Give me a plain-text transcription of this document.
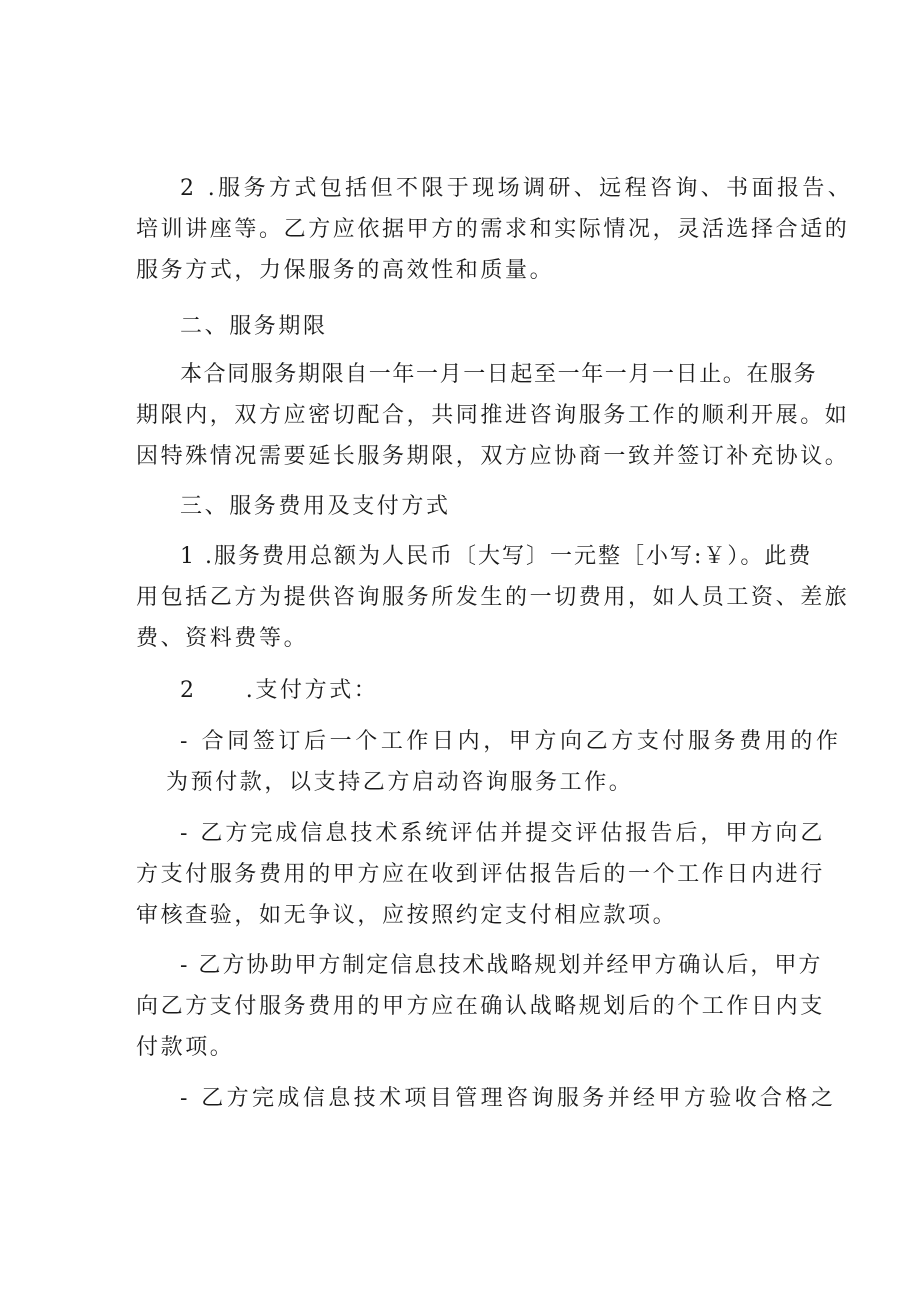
2 .服务方式包括但不限于现场调研、远程咨询、书面报告、
培训讲座等。乙方应依据甲方的需求和实际情况，灵活选择合适的
服务方式，力保服务的高效性和质量。
二、服务期限
本合同服务期限自一年一月一日起至一年一月一日止。在服务
期限内，双方应密切配合，共同推进咨询服务工作的顺利开展。如
因特殊情况需要延长服务期限，双方应协商一致并签订补充协议。
三、服务费用及支付方式
1 .服务费用总额为人民币〔大写〕一元整［小写:￥）。此费
用包括乙方为提供咨询服务所发生的一切费用，如人员工资、差旅
费、资料费等。
2　　.支付方式：
- 合同签订后一个工作日内，甲方向乙方支付服务费用的作
为预付款，以支持乙方启动咨询服务工作。
- 乙方完成信息技术系统评估并提交评估报告后，甲方向乙
方支付服务费用的甲方应在收到评估报告后的一个工作日内进行
审核查验，如无争议，应按照约定支付相应款项。
- 乙方协助甲方制定信息技术战略规划并经甲方确认后，甲方
向乙方支付服务费用的甲方应在确认战略规划后的个工作日内支
付款项。
- 乙方完成信息技术项目管理咨询服务并经甲方验收合格之
